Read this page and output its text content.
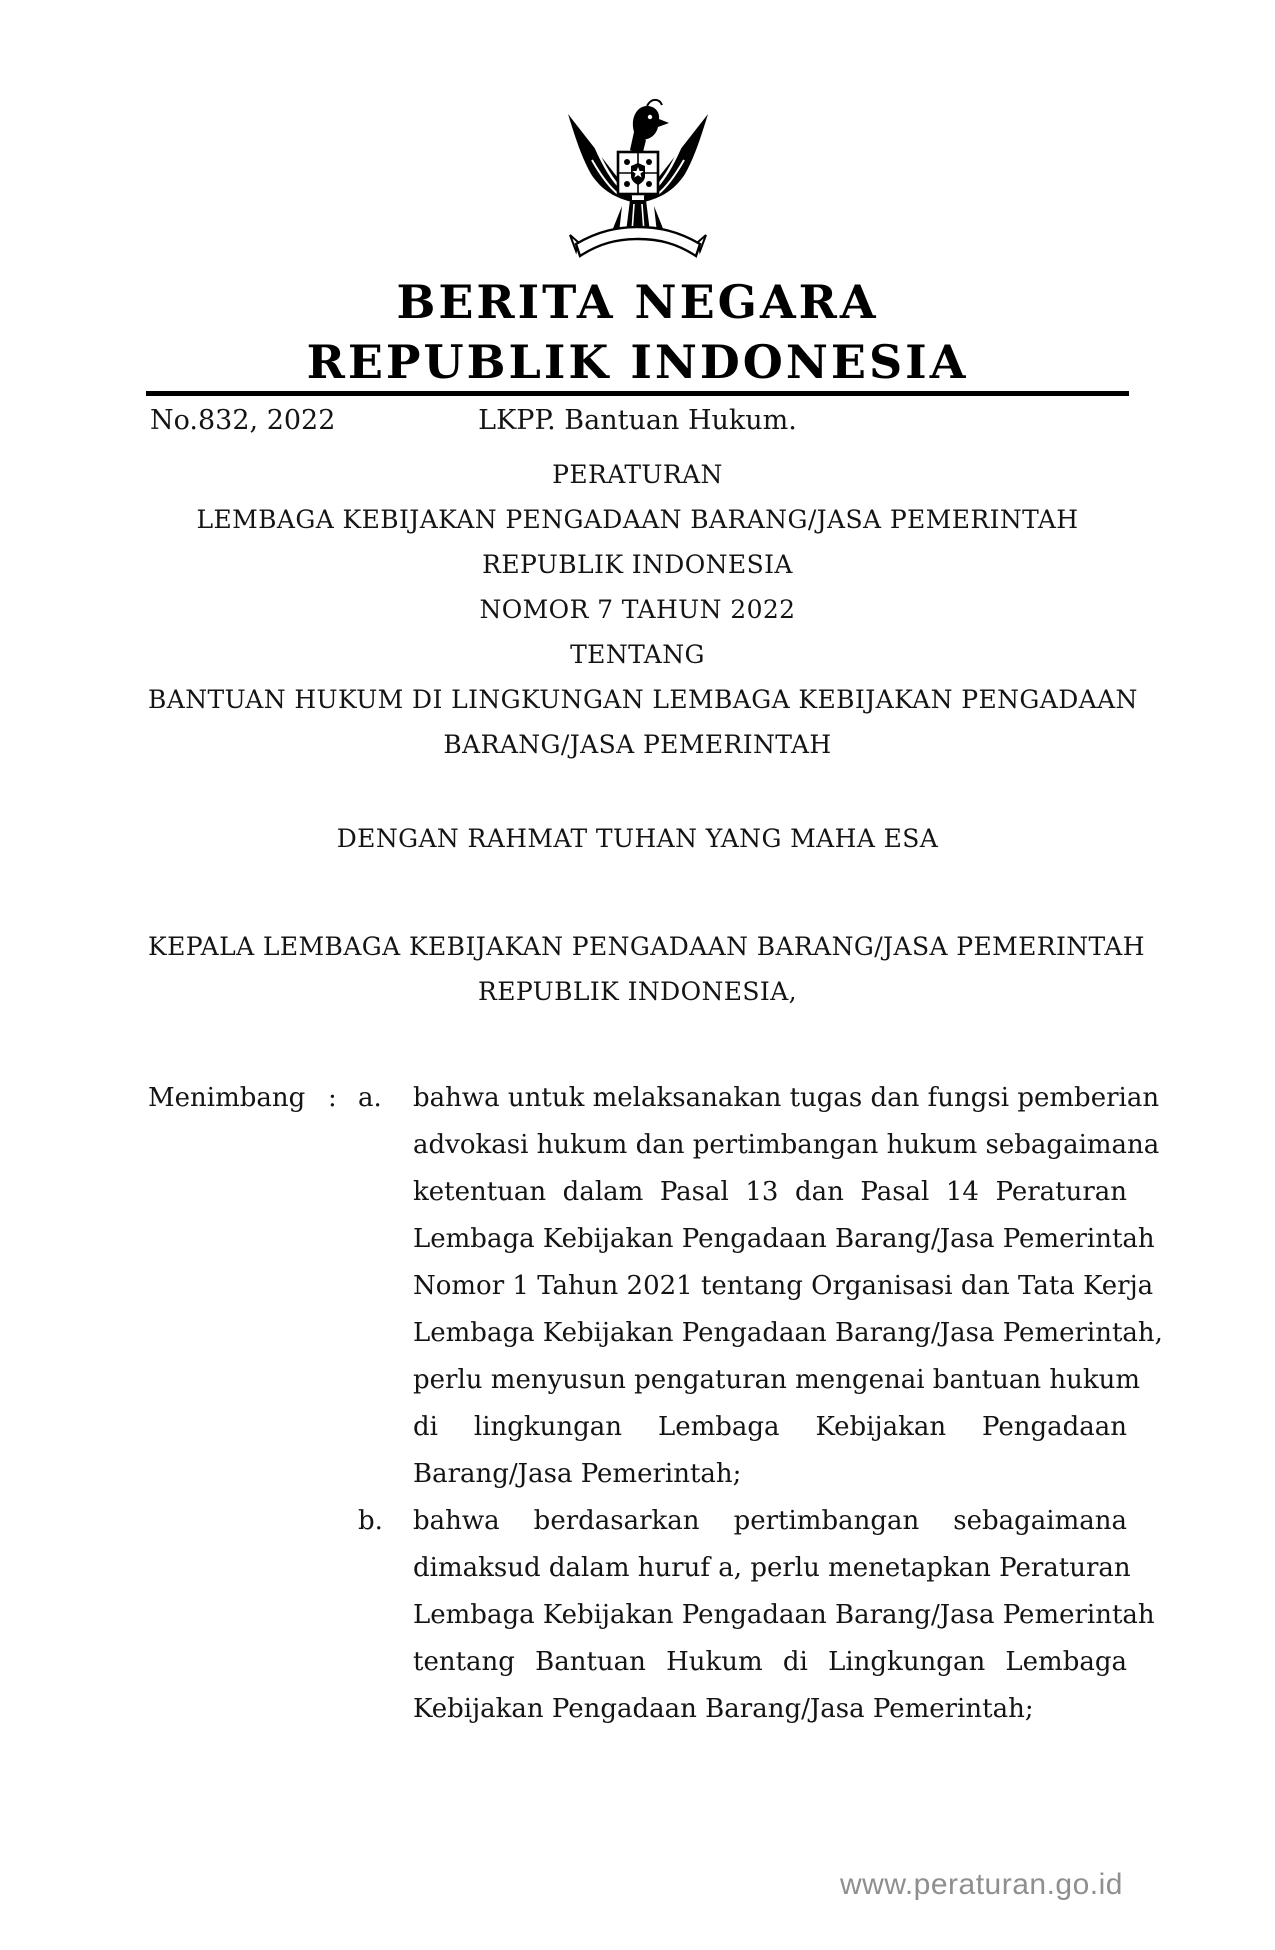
BERITA NEGARA
REPUBLIK INDONESIA
No.832, 2022	LKPP. Bantuan Hukum.
PERATURAN
LEMBAGA KEBIJAKAN PENGADAAN BARANG/JASA PEMERINTAH
REPUBLIK INDONESIA
NOMOR 7 TAHUN 2022
TENTANG
BANTUAN HUKUM DI LINGKUNGAN LEMBAGA KEBIJAKAN PENGADAAN
BARANG/JASA PEMERINTAH
DENGAN RAHMAT TUHAN YANG MAHA ESA
KEPALA LEMBAGA KEBIJAKAN PENGADAAN BARANG/JASA PEMERINTAH
REPUBLIK INDONESIA,
Menimbang : a.	bahwa untuk melaksanakan tugas dan fungsi pemberian
advokasi hukum dan pertimbangan hukum sebagaimana
ketentuan dalam Pasal 13 dan Pasal 14 Peraturan
Lembaga Kebijakan Pengadaan Barang/Jasa Pemerintah
Nomor 1 Tahun 2021 tentang Organisasi dan Tata Kerja
Lembaga Kebijakan Pengadaan Barang/Jasa Pemerintah,
perlu menyusun pengaturan mengenai bantuan hukum
di lingkungan Lembaga Kebijakan Pengadaan
Barang/Jasa Pemerintah;
b.	bahwa berdasarkan pertimbangan sebagaimana
dimaksud dalam huruf a, perlu menetapkan Peraturan
Lembaga Kebijakan Pengadaan Barang/Jasa Pemerintah
tentang Bantuan Hukum di Lingkungan Lembaga
Kebijakan Pengadaan Barang/Jasa Pemerintah;
www.peraturan.go.id
